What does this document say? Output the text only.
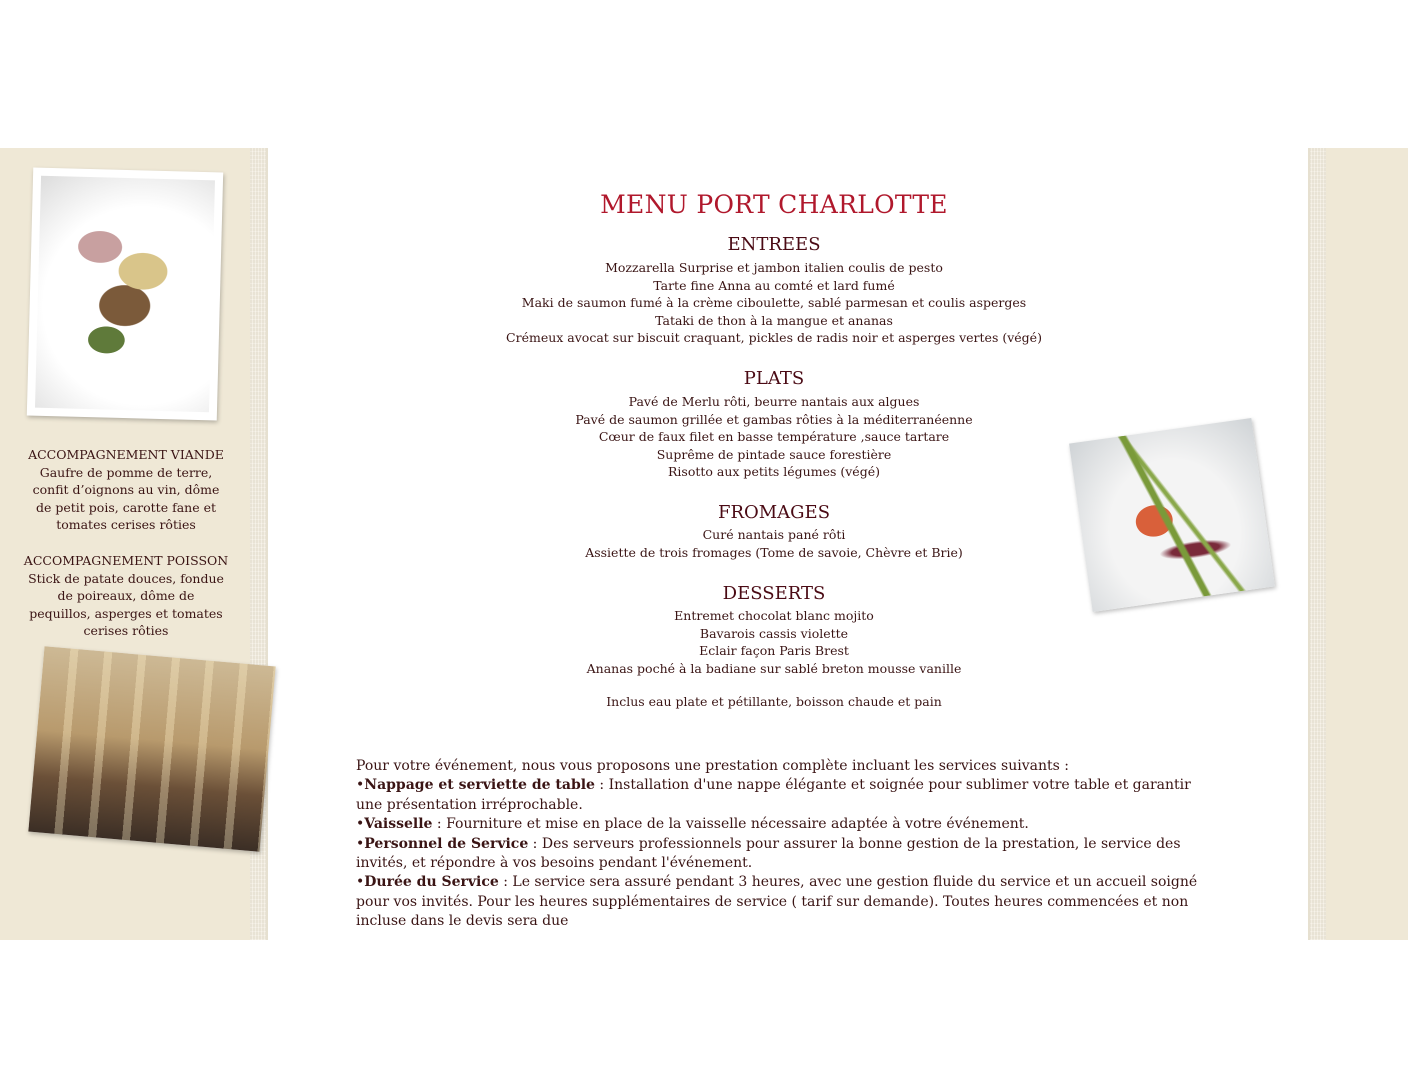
ACCOMPAGNEMENT VIANDE
Gaufre de pomme de terre,
confit d’oignons au vin, dôme
de petit pois, carotte fane et
tomates cerises rôties
ACCOMPAGNEMENT POISSON
Stick de patate douces, fondue
de poireaux, dôme de
pequillos, asperges et tomates
cerises rôties
MENU PORT CHARLOTTE
ENTREES
Mozzarella Surprise et jambon italien coulis de pesto
Tarte fine Anna au comté et lard fumé
Maki de saumon fumé à la crème ciboulette, sablé parmesan et coulis asperges
Tataki de thon à la mangue et ananas
Crémeux avocat sur biscuit craquant, pickles de radis noir et asperges vertes (végé)
PLATS
Pavé de Merlu rôti, beurre nantais aux algues
Pavé de saumon grillée et gambas rôties à la méditerranéenne
Cœur de faux filet en basse température ,sauce tartare
Suprême de pintade sauce forestière
Risotto aux petits légumes (végé)
FROMAGES
Curé nantais pané rôti
Assiette de trois fromages (Tome de savoie, Chèvre et Brie)
DESSERTS
Entremet chocolat blanc mojito
Bavarois cassis violette
Eclair façon Paris Brest
Ananas poché à la badiane sur sablé breton mousse vanille
Inclus eau plate et pétillante, boisson chaude et pain

Pour votre événement, nous vous proposons une prestation complète incluant les services suivants :

•Nappage et serviette de table : Installation d'une nappe élégante et soignée pour sublimer votre table et garantir une présentation irréprochable.

•Vaisselle : Fourniture et mise en place de la vaisselle nécessaire adaptée à votre événement.

•Personnel de Service : Des serveurs professionnels pour assurer la bonne gestion de la prestation, le service des invités, et répondre à vos besoins pendant l'événement.

•Durée du Service : Le service sera assuré pendant 3 heures, avec une gestion fluide du service et un accueil soigné pour vos invités. Pour les heures supplémentaires de service ( tarif sur demande). Toutes heures commencées et non incluse dans le devis sera due
